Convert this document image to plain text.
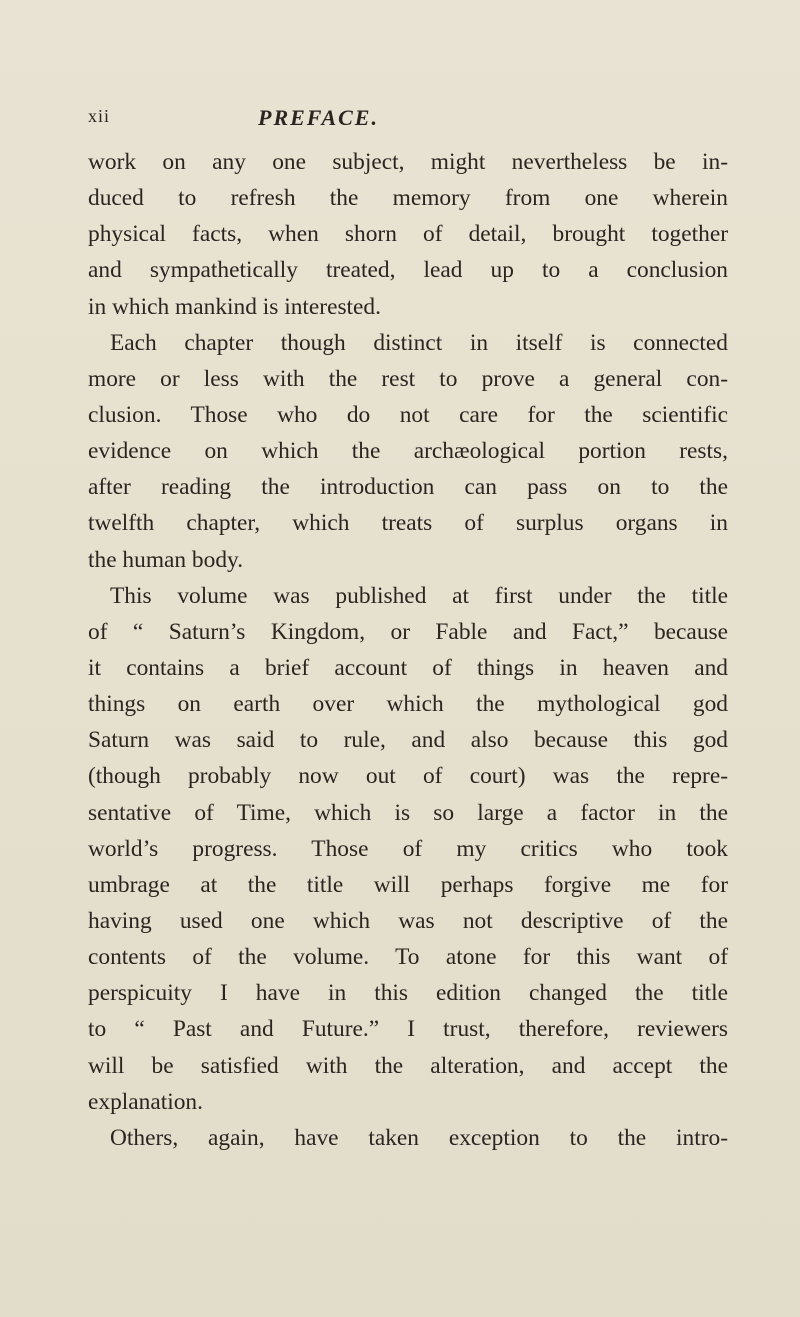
xii	PREFACE.
work on any one subject, might nevertheless be in-
duced to refresh the memory from one wherein
physical facts, when shorn of detail, brought together
and sympathetically treated, lead up to a conclusion
in which mankind is interested.
Each chapter though distinct in itself is connected
more or less with the rest to prove a general con-
clusion. Those who do not care for the scientific
evidence on which the archæological portion rests,
after reading the introduction can pass on to the
twelfth chapter, which treats of surplus organs in
the human body.
This volume was published at first under the title
of “ Saturn’s Kingdom, or Fable and Fact,” because
it contains a brief account of things in heaven and
things on earth over which the mythological god
Saturn was said to rule, and also because this god
(though probably now out of court) was the repre-
sentative of Time, which is so large a factor in the
world’s progress. Those of my critics who took
umbrage at the title will perhaps forgive me for
having used one which was not descriptive of the
contents of the volume. To atone for this want of
perspicuity I have in this edition changed the title
to “ Past and Future.” I trust, therefore, reviewers
will be satisfied with the alteration, and accept the
explanation.
Others, again, have taken exception to the intro-
